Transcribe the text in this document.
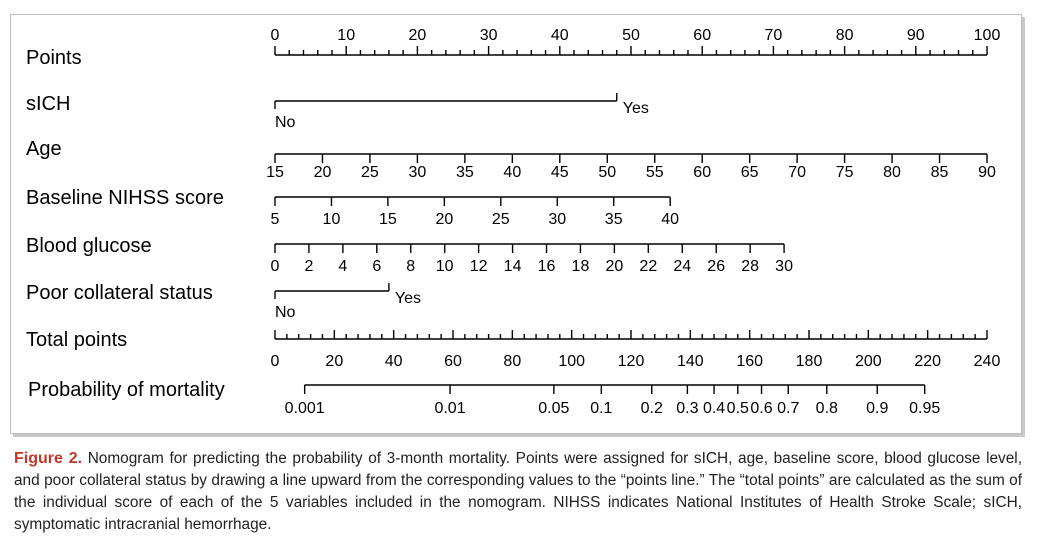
Points
0	10	20	30	40	50	60	70	80	90	100
sICH
No
Yes
Age
15 20 25 30 35 40 45 50 55 60 65 70 75 80 85 90
Baseline NIHSS score
5	10 15 20 25 30 35 40
Blood glucose
0 2 4 6 8 10 12 14 16 18 20 22 24 26 28 30
Poor collateral status
No
Yes
Total points
0	20	40	60	80 100 120 140 160 180 200 220 240
Probability of mortality
0.001	0.01	0.05 0.1 0.2 0.3 0.4 0.5 0.6 0.7 0.8 0.9 0.95
Figure 2. Nomogram for predicting the probability of 3-month mortality. Points were assigned for sICH, age, baseline score, blood glucose level, and poor collateral status by drawing a line upward from the corresponding values to the “points line.” The “total points” are calculated as the sum of the individual score of each of the 5 variables included in the nomogram. NIHSS indicates National Institutes of Health Stroke Scale; sICH, symptomatic intracranial hemorrhage.
